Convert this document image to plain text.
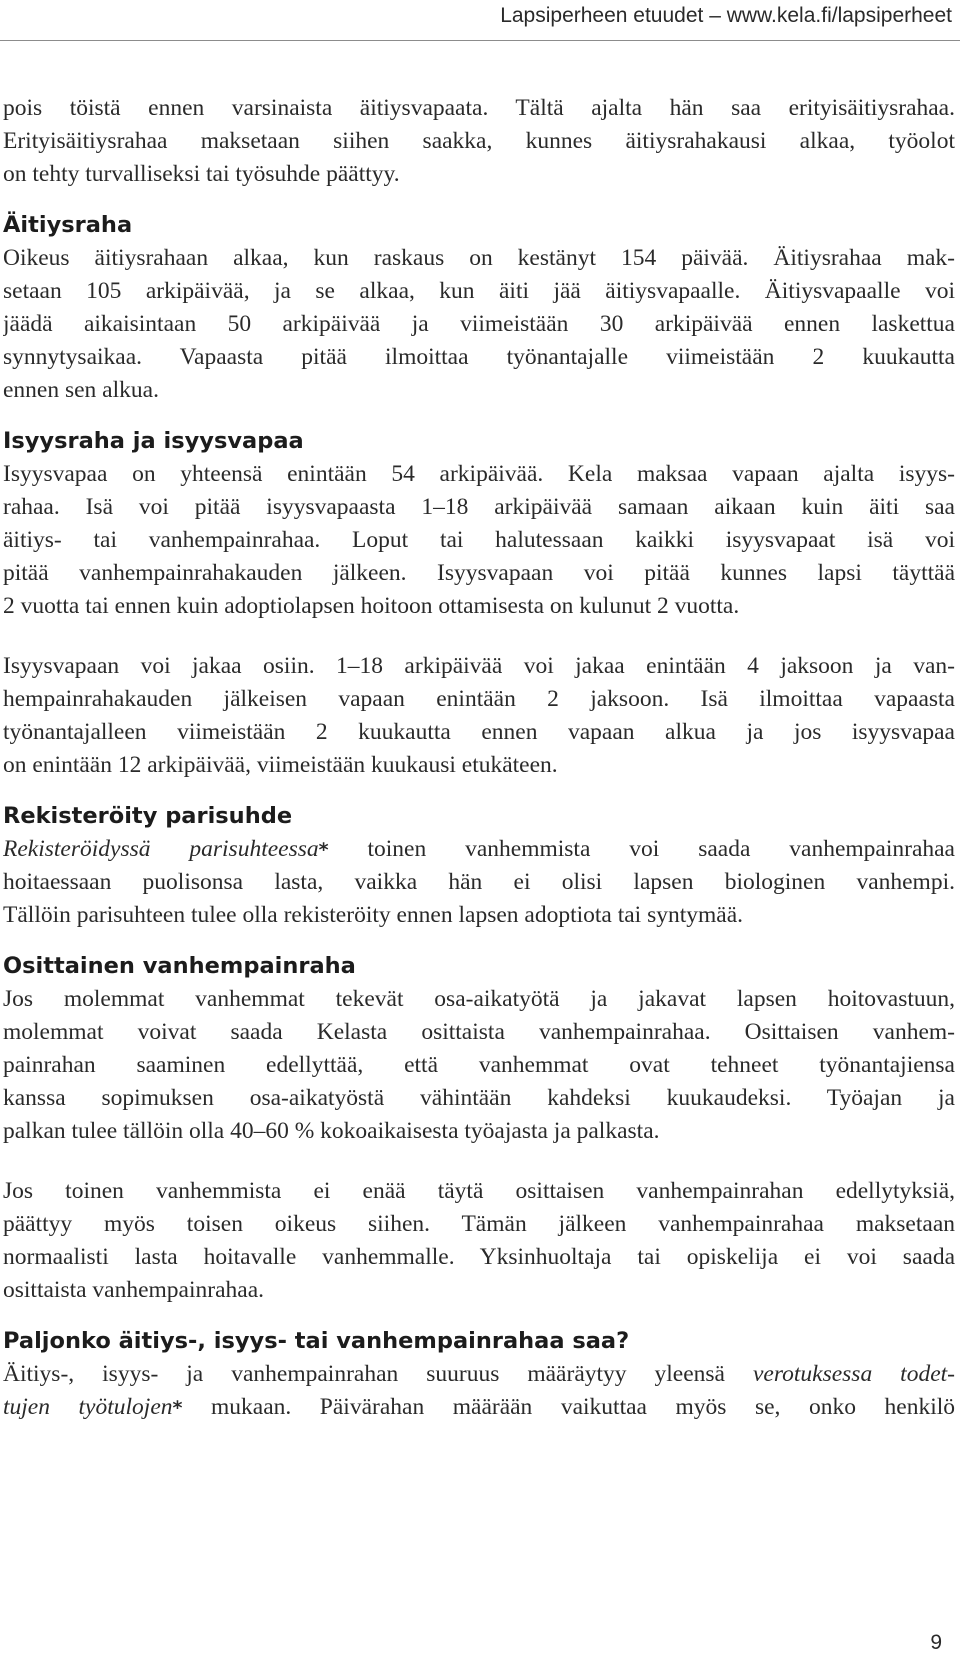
Lapsiperheen etuudet – www.kela.fi/lapsiperheet
pois töistä ennen varsinaista äitiysvapaata. Tältä ajalta hän saa erityisäitiysrahaa.
Erityisäitiysrahaa maksetaan siihen saakka, kunnes äitiysrahakausi alkaa, työolot
on tehty turvalliseksi tai työsuhde päättyy.
Äitiysraha
Oikeus äitiysrahaan alkaa, kun raskaus on kestänyt 154 päivää. Äitiysrahaa mak-
setaan 105 arkipäivää, ja se alkaa, kun äiti jää äitiysvapaalle. Äitiysvapaalle voi
jäädä aikaisintaan 50 arkipäivää ja viimeistään 30 arkipäivää ennen laskettua
synnytysaikaa. Vapaasta pitää ilmoittaa työnantajalle viimeistään 2 kuukautta
ennen sen alkua.
Isyysraha ja isyysvapaa
Isyysvapaa on yhteensä enintään 54 arkipäivää. Kela maksaa vapaan ajalta isyys-
rahaa. Isä voi pitää isyysvapaasta 1–18 arkipäivää samaan aikaan kuin äiti saa
äitiys- tai vanhempainrahaa. Loput tai halutessaan kaikki isyysvapaat isä voi
pitää vanhempainrahakauden jälkeen. Isyysvapaan voi pitää kunnes lapsi täyttää
2 vuotta tai ennen kuin adoptiolapsen hoitoon ottamisesta on kulunut 2 vuotta.
Isyysvapaan voi jakaa osiin. 1–18 arkipäivää voi jakaa enintään 4 jaksoon ja van-
hempainrahakauden jälkeisen vapaan enintään 2 jaksoon. Isä ilmoittaa vapaasta
työnantajalleen viimeistään 2 kuukautta ennen vapaan alkua ja jos isyysvapaa
on enintään 12 arkipäivää, viimeistään kuukausi etukäteen.
Rekisteröity parisuhde
Rekisteröidyssä parisuhteessa* toinen vanhemmista voi saada vanhempainrahaa
hoitaessaan puolisonsa lasta, vaikka hän ei olisi lapsen biologinen vanhempi.
Tällöin parisuhteen tulee olla rekisteröity ennen lapsen adoptiota tai syntymää.
Osittainen vanhempainraha
Jos molemmat vanhemmat tekevät osa-aikatyötä ja jakavat lapsen hoitovastuun,
molemmat voivat saada Kelasta osittaista vanhempainrahaa. Osittaisen vanhem-
painrahan saaminen edellyttää, että vanhemmat ovat tehneet työnantajiensa
kanssa sopimuksen osa-aikatyöstä vähintään kahdeksi kuukaudeksi. Työajan ja
palkan tulee tällöin olla 40–60 % kokoaikaisesta työajasta ja palkasta.
Jos toinen vanhemmista ei enää täytä osittaisen vanhempainrahan edellytyksiä,
päättyy myös toisen oikeus siihen. Tämän jälkeen vanhempainrahaa maksetaan
normaalisti lasta hoitavalle vanhemmalle. Yksinhuoltaja tai opiskelija ei voi saada
osittaista vanhempainrahaa.
Paljonko äitiys-, isyys- tai vanhempainrahaa saa?
Äitiys-, isyys- ja vanhempainrahan suuruus määräytyy yleensä verotuksessa todet-
tujen työtulojen* mukaan. Päivärahan määrään vaikuttaa myös se, onko henkilö
9
